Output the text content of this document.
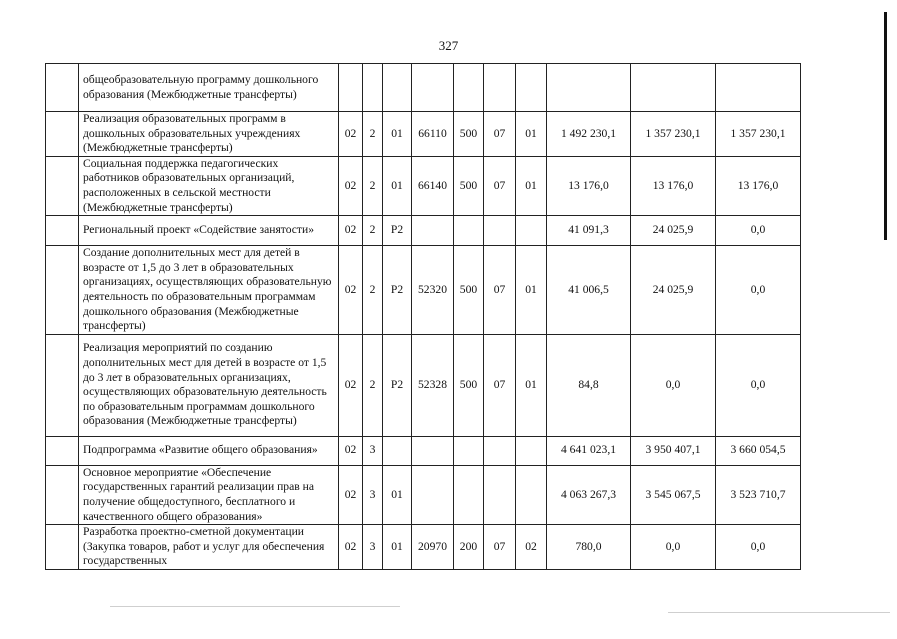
327
	общеобразовательную программу дошкольного образования (Межбюджетные трансферты)										
	Реализация образовательных программ в дошкольных образовательных учреждениях (Межбюджетные трансферты)	02	2	01	66110	500	07	01	1 492 230,1	1 357 230,1	1 357 230,1
	Социальная поддержка педагогических работников образовательных организаций, расположенных в сельской местности (Межбюджетные трансферты)	02	2	01	66140	500	07	01	13 176,0	13 176,0	13 176,0
	Региональный проект «Содействие занятости»	02	2	P2					41 091,3	24 025,9	0,0
	Создание дополнительных мест для детей в возрасте от 1,5 до 3 лет в образовательных организациях, осуществляющих образовательную деятельность по образовательным программам дошкольного образования (Межбюджетные трансферты)	02	2	P2	52320	500	07	01	41 006,5	24 025,9	0,0
	Реализация мероприятий по созданию дополнительных мест для детей в возрасте от 1,5 до 3 лет в образовательных организациях, осуществляющих образовательную деятельность по образовательным программам дошкольного образования (Межбюджетные трансферты)	02	2	P2	52328	500	07	01	84,8	0,0	0,0
	Подпрограмма «Развитие общего образования»	02	3						4 641 023,1	3 950 407,1	3 660 054,5
	Основное мероприятие «Обеспечение государственных гарантий реализации прав на получение общедоступного, бесплатного и качественного общего образования»	02	3	01					4 063 267,3	3 545 067,5	3 523 710,7
	Разработка проектно-сметной документации (Закупка товаров, работ и услуг для обеспечения государственных	02	3	01	20970	200	07	02	780,0	0,0	0,0
